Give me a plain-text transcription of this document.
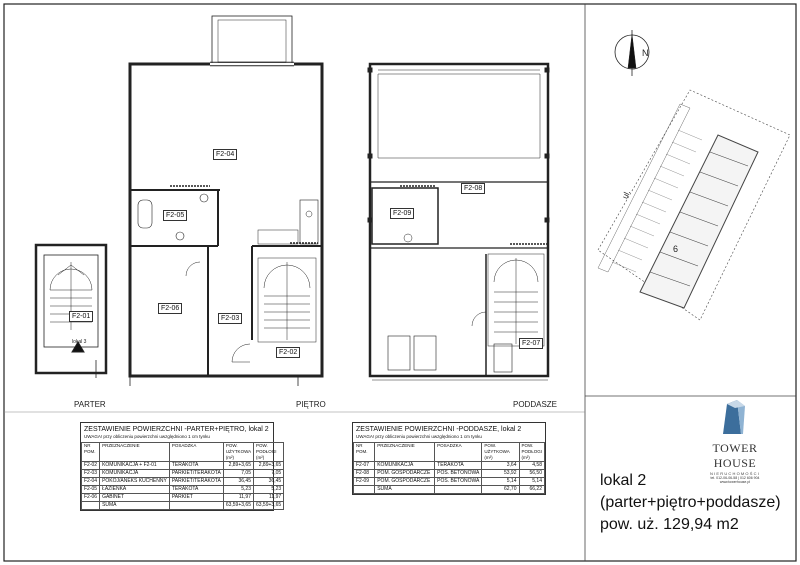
N
ul.
6
F2-01
lokal 3
F2-04
F2-05
F2-06
F2-03
F2-02
F2-08
F2-09
F2-07
PARTER	PIĘTRO	PODDASZE
ZESTAWIENIE POWIERZCHNI -PARTER+PIĘTRO, lokal 2
UWAGA! przy obliczeniu powierzchni uwzględniono 1 cm tynku
NR POM.	PRZEZNACZENIE	POSADZKA	POW. UŻYTKOWA (m²)	POW. PODŁOGI (m²)
F2-02	KOMUNIKACJA + F2-01	TERAKOTA	2,89+3,65	2,89+3,65
F2-03	KOMUNIKACJA	PARKIET/TERAKOTA	7,05	7,05
F2-04	POKÓJ/ANEKS KUCHENNY	PARKIET/TERAKOTA	36,45	36,45
F2-05	ŁAZIENKA	TERAKOTA	5,23	5,23
F2-06	GABINET	PARKIET	11,97	11,97
	SUMA		63,59+3,65	63,59+3,65
ZESTAWIENIE POWIERZCHNI -PODDASZE, lokal 2
UWAGA! przy obliczeniu powierzchni uwzględniono 1 cm tynku
NR POM.	PRZEZNACZENIE	POSADZKA	POW. UŻYTKOWA (m²)	POW. PODŁOGI (m²)
F2-07	KOMUNIKACJA	TERAKOTA	3,64	4,58
F2-08	POM. GOSPODARCZE	POS. BETONOWA	53,92	56,50
F2-09	POM. GOSPODARCZE	POS. BETONOWA	5,14	5,14
	SUMA		62,70	66,22
TOWER HOUSE
NIERUCHOMOŚCI
tel. 012-06-06-58 | 012 606 904
www.towerhouse.pl
lokal 2
(parter+piętro+poddasze)
pow. uż. 129,94 m2
